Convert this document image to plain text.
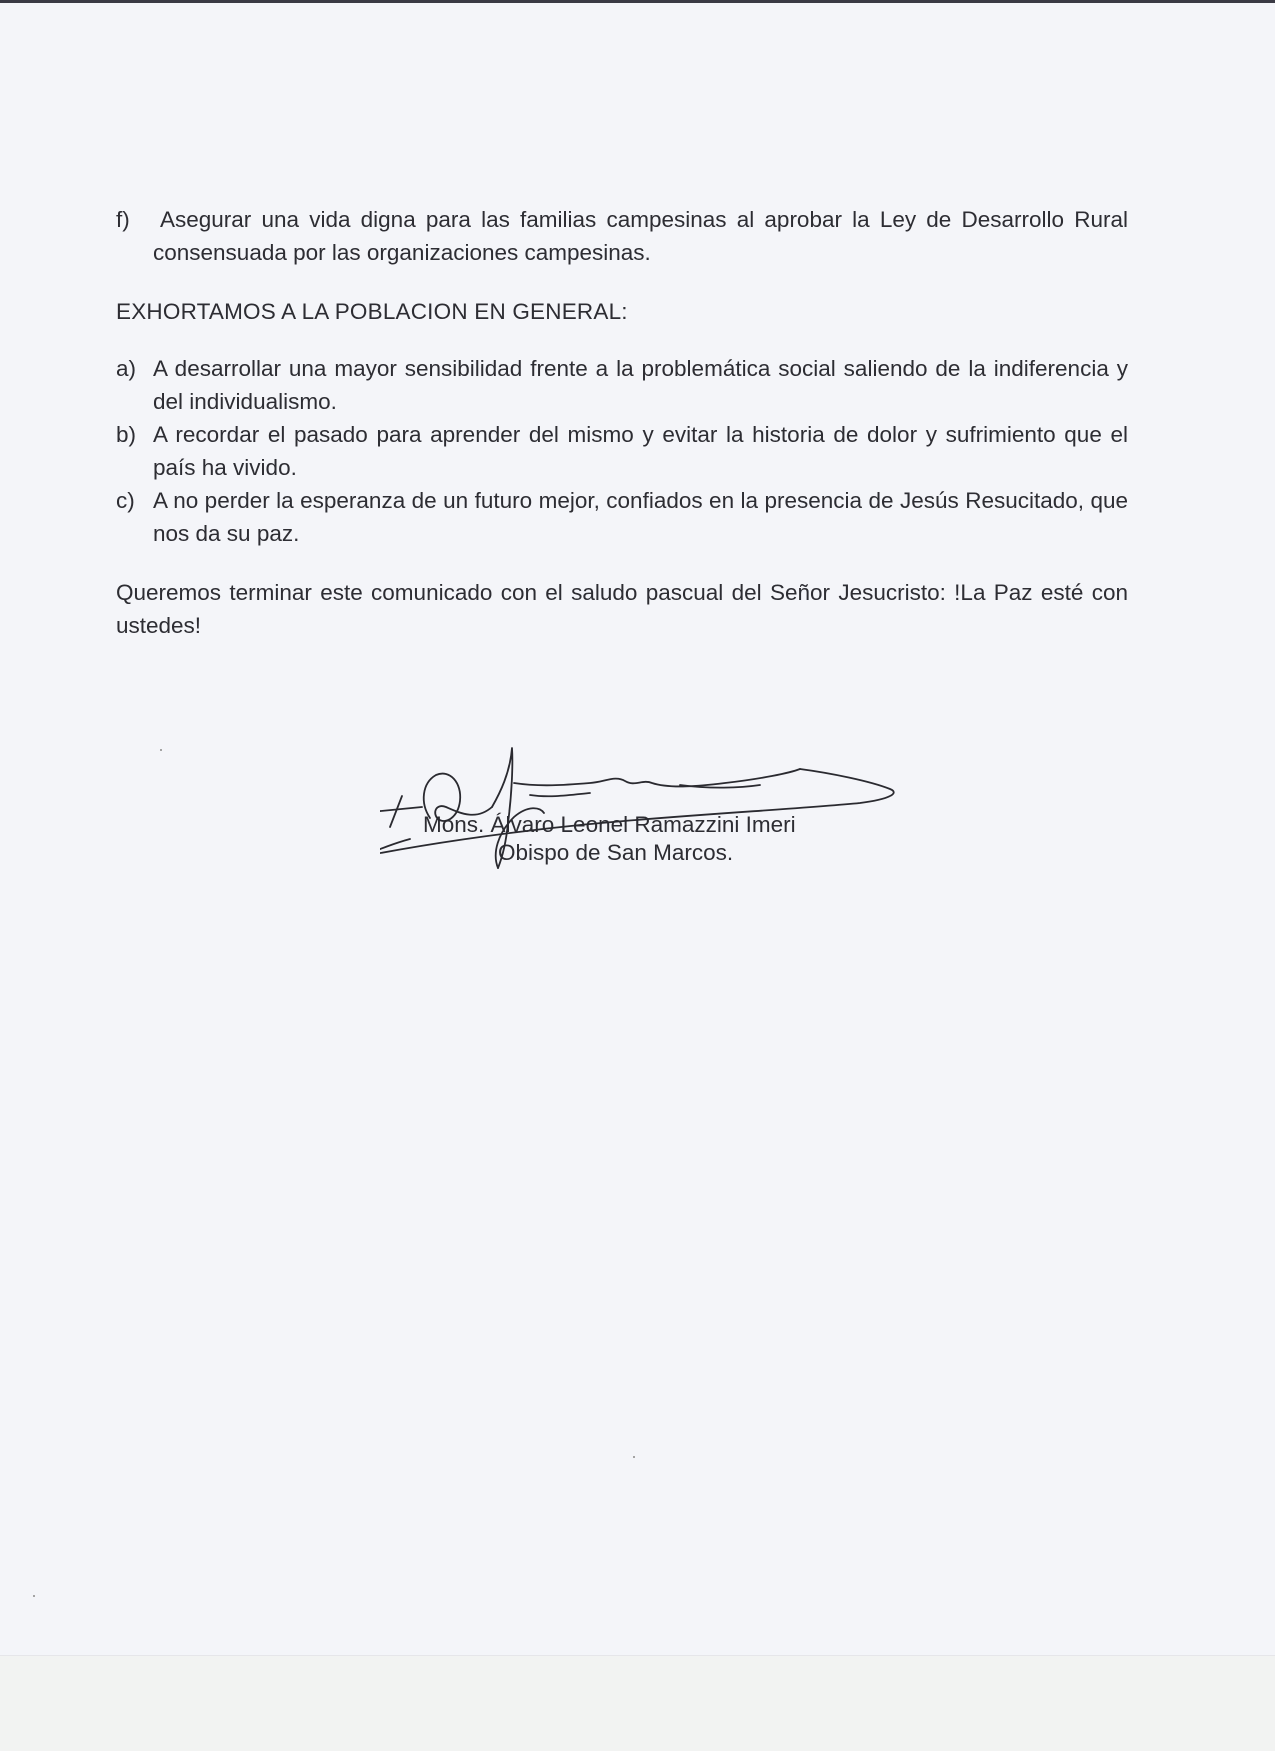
f) Asegurar una vida digna para las familias campesinas al aprobar la Ley de Desarrollo Rural consensuada por las organizaciones campesinas.
EXHORTAMOS A LA POBLACION EN GENERAL:
a) A desarrollar una mayor sensibilidad frente a la problemática social saliendo de la indiferencia y del individualismo.
b) A recordar el pasado para aprender del mismo y evitar la historia de dolor y sufrimiento que el país ha vivido.
c) A no perder la esperanza de un futuro mejor, confiados en la presencia de Jesús Resucitado, que nos da su paz.
Queremos terminar este comunicado con el saludo pascual del Señor Jesucristo: !La Paz esté con ustedes!
Mons. Álvaro Leonel Ramazzini Imeri
Obispo de San Marcos.
